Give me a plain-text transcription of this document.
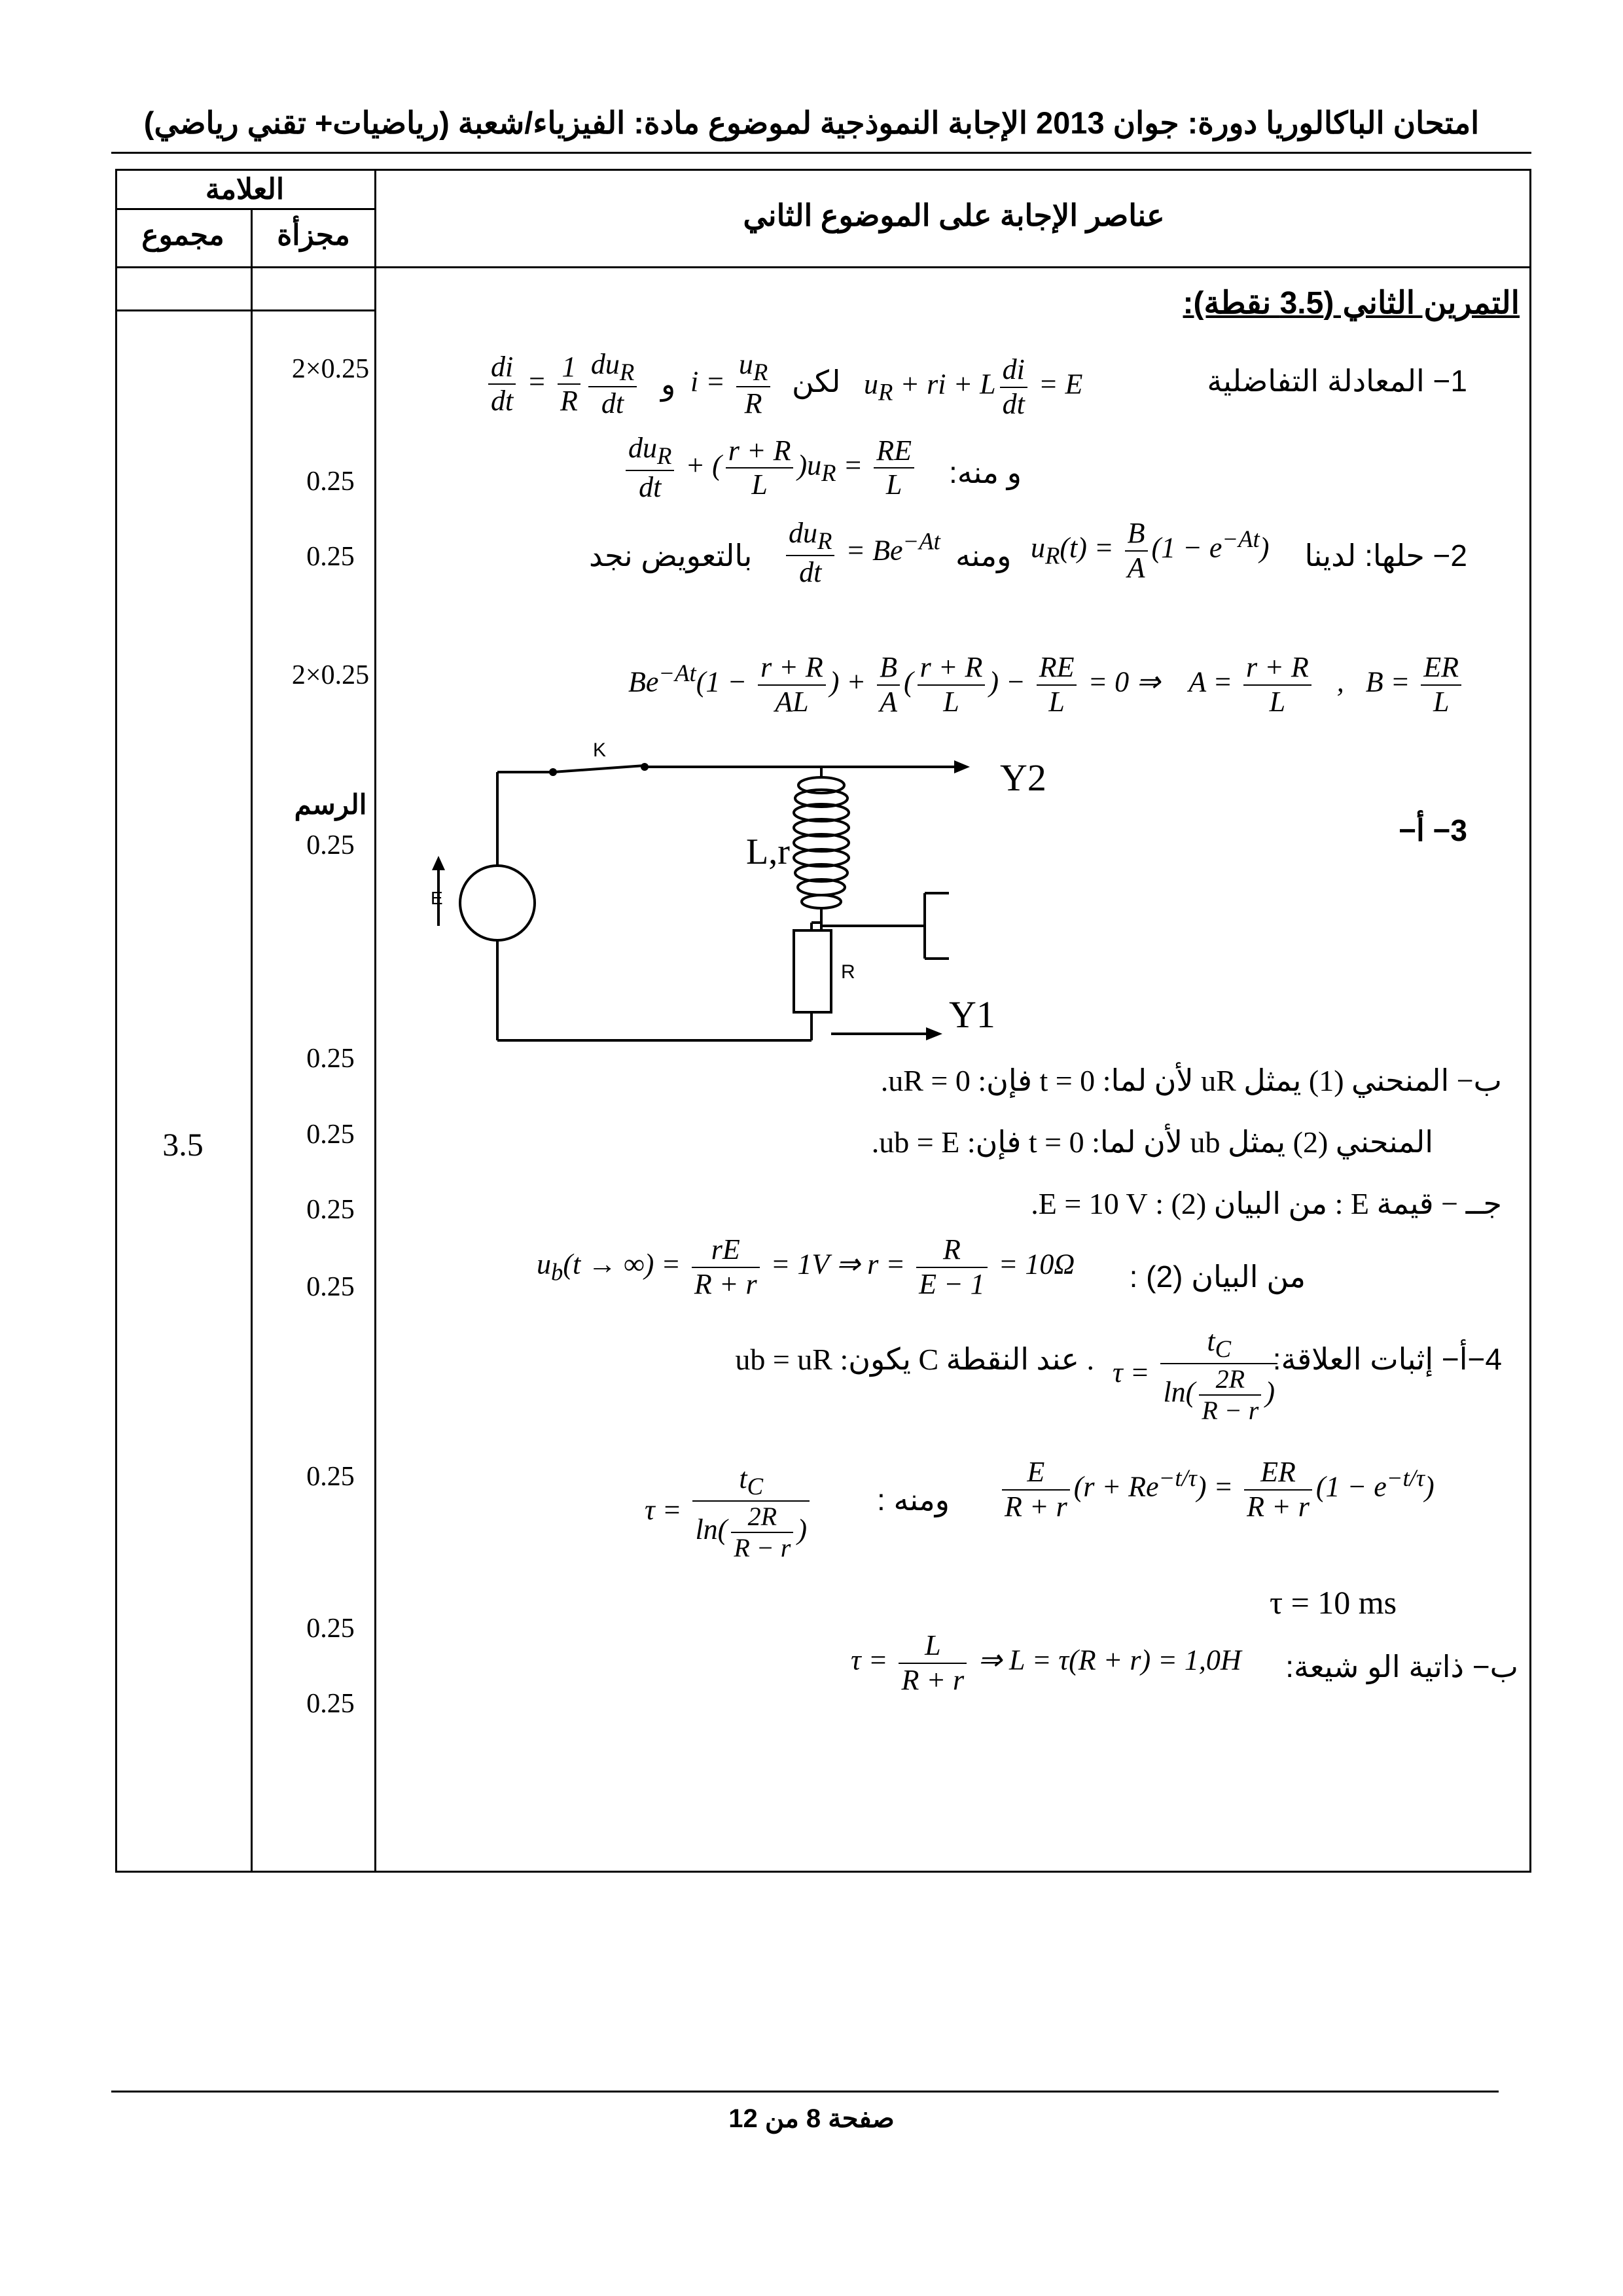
امتحان الباكالوريا دورة: جوان 2013 الإجابة النموذجية لموضوع مادة: الفيزياء/شعبة (رياضيات+ تقني رياضي)
العلامة
مجزأة
مجموع
عناصر الإجابة على الموضوع الثاني
3.5
التمرين الثاني (3.5 نقطة):
2×0.25
0.25
0.25
2×0.25
الرسم
0.25
0.25
0.25
0.25
0.25
0.25
0.25
0.25
1− المعادلة التفاضلية
$u_R$ + ri + L $\frac{di}{dt} = E$
لكن
$i = \frac{u_R}{R}$
و
$\frac{di}{dt} = \frac{1}{R} \frac{du_R}{dt}$
و منه:
$\frac{du_R}{dt}$ + ( $\frac{r + R}{L} )u_R = \frac{RE}{L}$
2− حلها: لدينا
$u_R(t) = \frac{B}{A} (1 - e^{-At})$
ومنه
$\frac{du_R}{dt} = Be^{-At}$
بالتعويض نجد
$Be^{-At}(1 - \frac{r + R}{AL}$ ) + $\frac{B}{A}$ ( $\frac{r + R}{L}$ ) − $\frac{RE}{L} = 0$ ⇒    $A = \frac{r + R}{L}$ ,   $B = \frac{ER}{L}$
K
E
L,r
R
Y1
Y2
3− أ−
ب− المنحني (1) يمثل uR لأن لما: t = 0 فإن: uR = 0.
المنحني (2) يمثل ub لأن لما: t = 0 فإن: ub = E.
جــ − قيمة E : من البيان (2) : E = 10 V.
من البيان (2) :
$u_b(t$ → ∞) = $\frac{rE}{R + r} = 1V$ ⇒ $r = \frac{R}{E - 1} = 10\Omega$
4−أ− إثبات العلاقة:
$\tau = \frac{t_C}{\ln( \frac{2R}{R - r} )}$
. عند النقطة C يكون: ub = uR
$\frac{E}{R + r} (r + Re^{-t/\tau}) = \frac{ER}{R + r} (1 - e^{-t/\tau})$
ومنه :
$\tau = \frac{t_C}{\ln( \frac{2R}{R - r} )}$
τ = 10 ms
ب− ذاتية الو شيعة:
$\tau = \frac{L}{R + r}$ ⇒ L = τ(R + r) = 1,0H
صفحة 8 من 12
